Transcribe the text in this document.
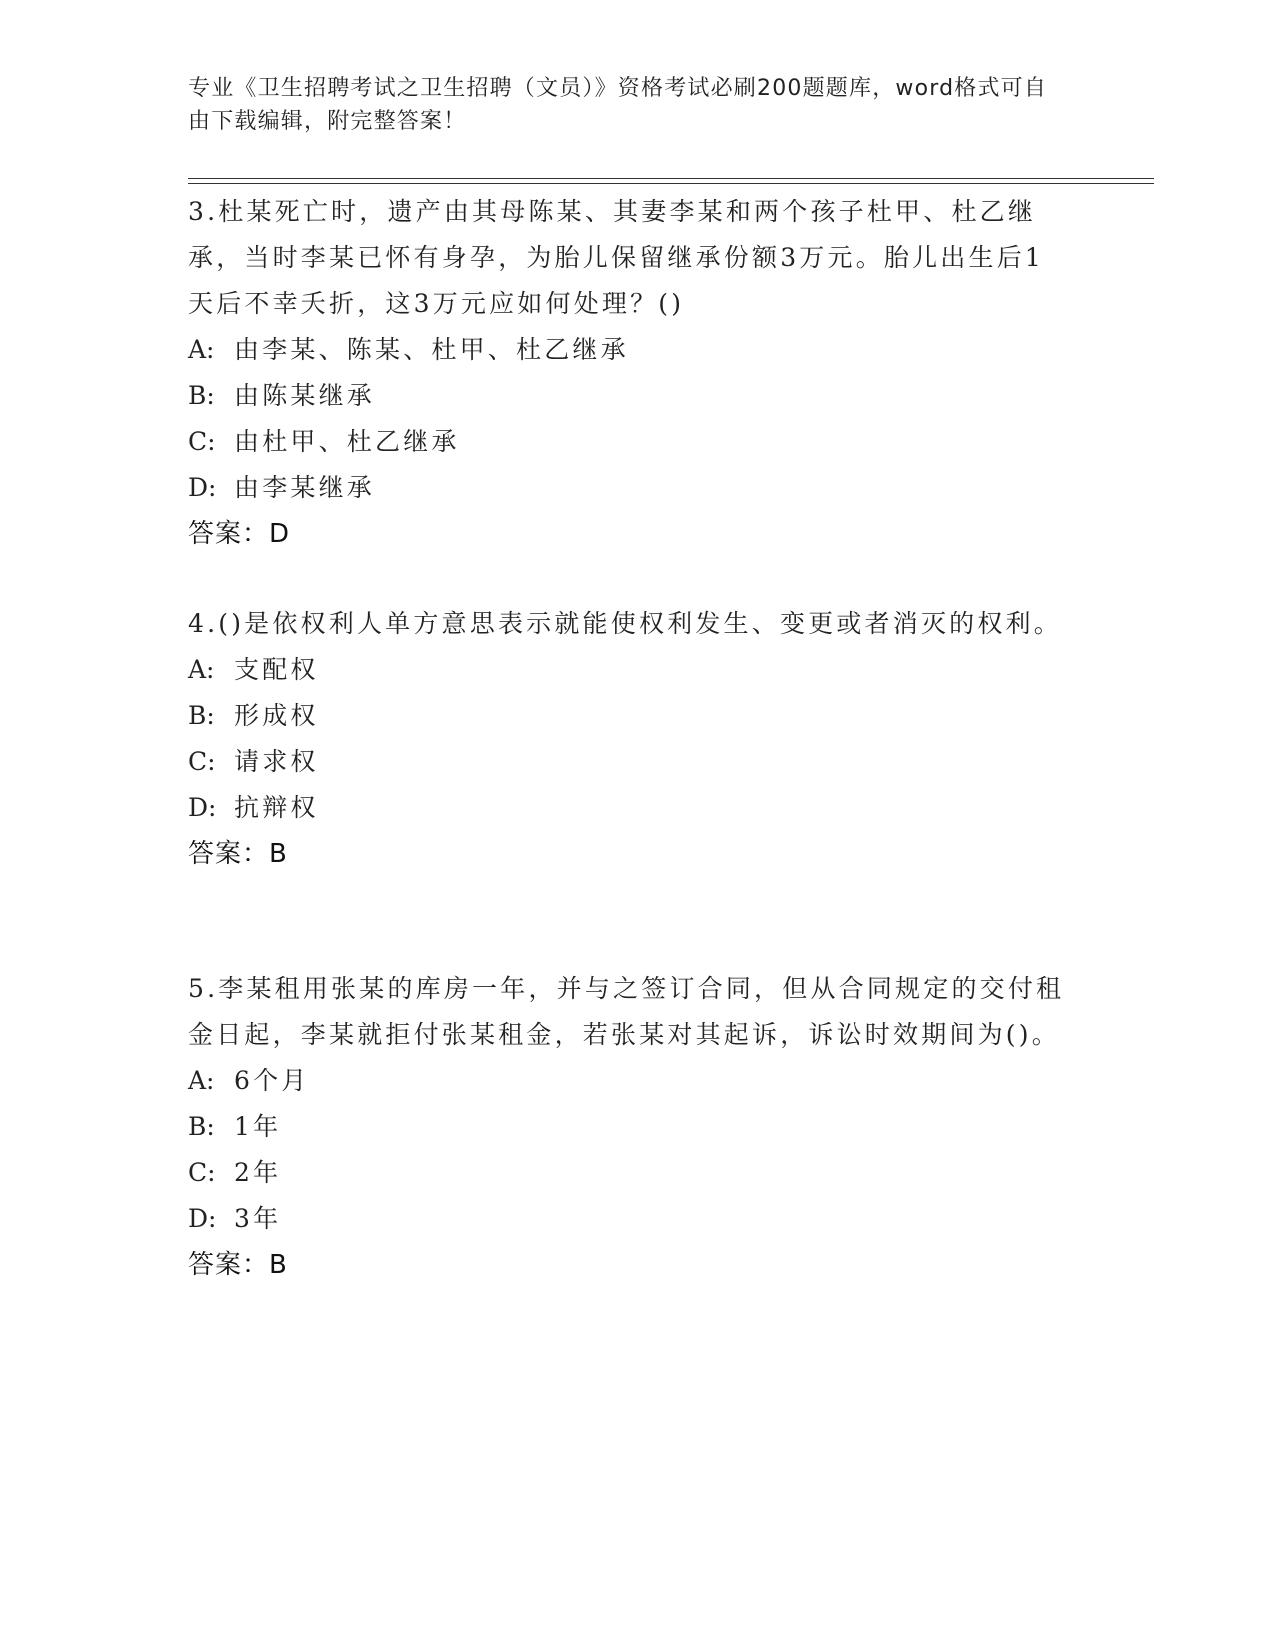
专业《卫生招聘考试之卫生招聘（文员）》资格考试必刷200题题库，word格式可自由下载编辑，附完整答案！

3.杜某死亡时，遗产由其母陈某、其妻李某和两个孩子杜甲、杜乙继承，当时李某已怀有身孕，为胎儿保留继承份额3万元。胎儿出生后1天后不幸夭折，这3万元应如何处理？()

A: 由李某、陈某、杜甲、杜乙继承

B: 由陈某继承

C: 由杜甲、杜乙继承

D: 由李某继承

答案：D

4.()是依权利人单方意思表示就能使权利发生、变更或者消灭的权利。

A: 支配权

B: 形成权

C: 请求权

D: 抗辩权

答案：B

5.李某租用张某的库房一年，并与之签订合同，但从合同规定的交付租金日起，李某就拒付张某租金，若张某对其起诉，诉讼时效期间为()。

A: 6个月

B: 1年

C: 2年

D: 3年

答案：B
